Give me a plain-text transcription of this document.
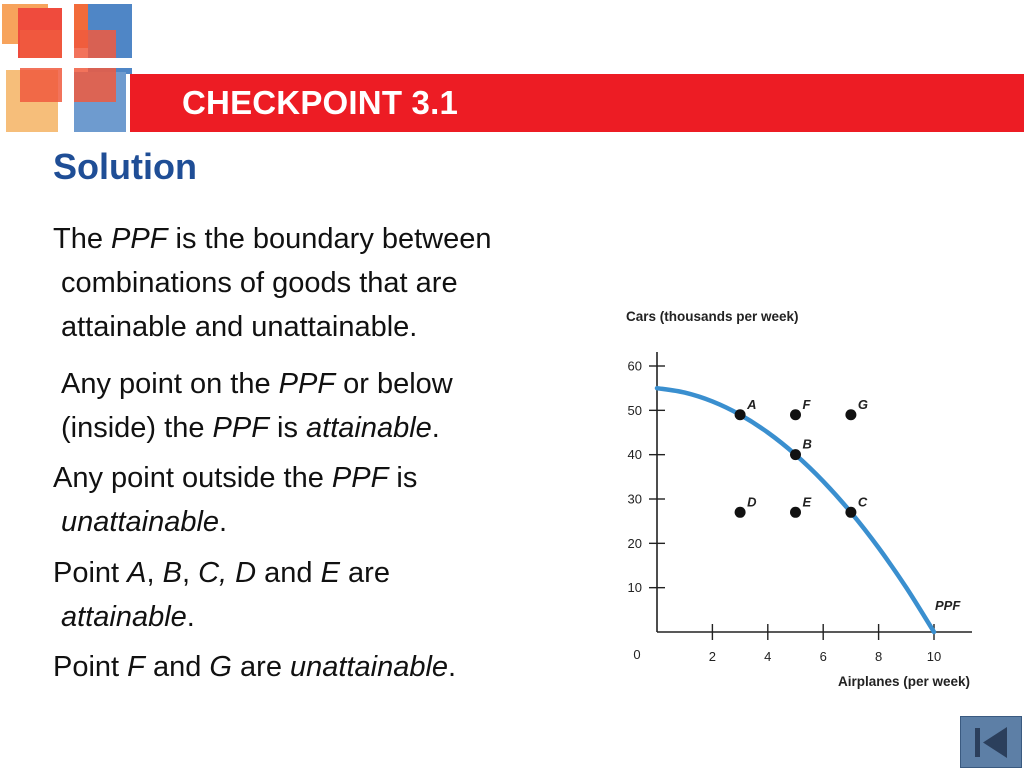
CHECKPOINT 3.1
Solution
The PPF is the boundary between
combinations of goods that are
attainable and unattainable.
Any point on the PPF or below
(inside) the PPF is attainable.
Any point outside the PPF is
unattainable.
Point A, B, C, D and E are
attainable.
Point F and G are unattainable.
Cars (thousands per week)
Airplanes (per week)
0
10
20
30
40
50
60
2	4	6	8	10
PPF
A	F	G
B
D	E	C
